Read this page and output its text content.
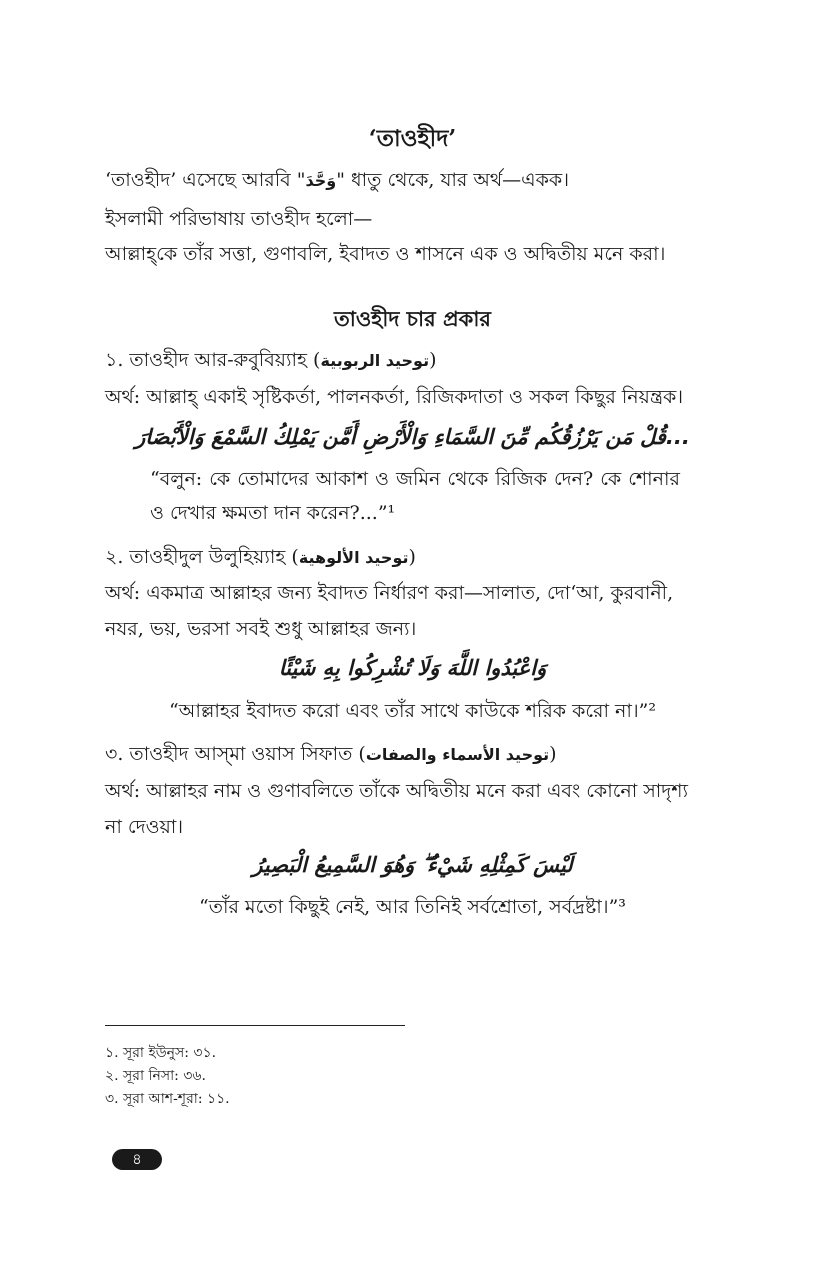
‘তাওহীদ’
‘তাওহীদ’ এসেছে আরবি "وَحَّدَ" ধাতু থেকে, যার অর্থ—একক।
ইসলামী পরিভাষায় তাওহীদ হলো—
আল্লাহ্‌কে তাঁর সত্তা, গুণাবলি, ইবাদত ও শাসনে এক ও অদ্বিতীয় মনে করা।
তাওহীদ চার প্রকার
১. তাওহীদ আর-রুবুবিয়্যাহ (توحيد الربوبية)
অর্থ: আল্লাহ্‌ একাই সৃষ্টিকর্তা, পালনকর্তা, রিজিকদাতা ও সকল কিছুর নিয়ন্ত্রক।
...قُلْ مَن يَرْزُقُكُم مِّنَ السَّمَاءِ وَالْأَرْضِ أَمَّن يَمْلِكُ السَّمْعَ وَالْأَبْصَارَ
“বলুন: কে তোমাদের আকাশ ও জমিন থেকে রিজিক দেন? কে শোনার ও দেখার ক্ষমতা দান করেন?...”¹
২. তাওহীদুল উলুহিয়্যাহ (توحيد الألوهية)
অর্থ: একমাত্র আল্লাহর জন্য ইবাদত নির্ধারণ করা—সালাত, দো‘আ, কুরবানী,
নযর, ভয়, ভরসা সবই শুধু আল্লাহর জন্য।
وَاعْبُدُوا اللَّهَ وَلَا تُشْرِكُوا بِهِ شَيْئًا
“আল্লাহর ইবাদত করো এবং তাঁর সাথে কাউকে শরিক করো না।”²
৩. তাওহীদ আস্‌মা ওয়াস সিফাত (توحيد الأسماء والصفات)
অর্থ: আল্লাহর নাম ও গুণাবলিতে তাঁকে অদ্বিতীয় মনে করা এবং কোনো সাদৃশ্য
না দেওয়া।
لَيْسَ كَمِثْلِهِ شَيْءٌ ۖ وَهُوَ السَّمِيعُ الْبَصِيرُ
“তাঁর মতো কিছুই নেই, আর তিনিই সর্বশ্রোতা, সর্বদ্রষ্টা।”³
১. সূরা ইউনুস: ৩১.
২. সূরা নিসা: ৩৬.
৩. সূরা আশ-শূরা: ১১.
৪
